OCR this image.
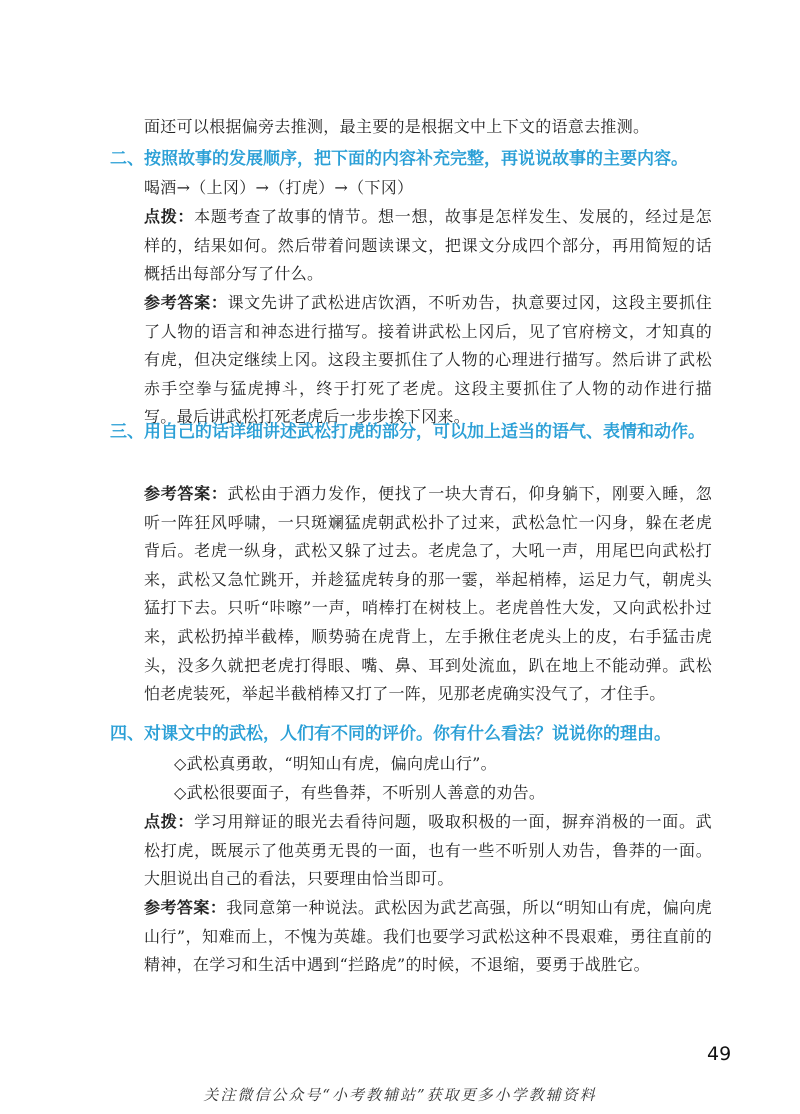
面还可以根据偏旁去推测，最主要的是根据文中上下文的语意去推测。

二、按照故事的发展顺序，把下面的内容补充完整，再说说故事的主要内容。

喝酒→（上冈）→（打虎）→（下冈）

点拨：本题考查了故事的情节。想一想，故事是怎样发生、发展的，经过是怎样的，结果如何。然后带着问题读课文，把课文分成四个部分，再用简短的话概括出每部分写了什么。

参考答案：课文先讲了武松进店饮酒，不听劝告，执意要过冈，这段主要抓住了人物的语言和神态进行描写。接着讲武松上冈后，见了官府榜文，才知真的有虎，但决定继续上冈。这段主要抓住了人物的心理进行描写。然后讲了武松赤手空拳与猛虎搏斗，终于打死了老虎。这段主要抓住了人物的动作进行描写。最后讲武松打死老虎后一步步挨下冈来。

三、用自己的话详细讲述武松打虎的部分，可以加上适当的语气、表情和动作。

参考答案：武松由于酒力发作，便找了一块大青石，仰身躺下，刚要入睡，忽听一阵狂风呼啸，一只斑斓猛虎朝武松扑了过来，武松急忙一闪身，躲在老虎背后。老虎一纵身，武松又躲了过去。老虎急了，大吼一声，用尾巴向武松打来，武松又急忙跳开，并趁猛虎转身的那一霎，举起梢棒，运足力气，朝虎头猛打下去。只听“咔嚓”一声，哨棒打在树枝上。老虎兽性大发，又向武松扑过来，武松扔掉半截棒，顺势骑在虎背上，左手揪住老虎头上的皮，右手猛击虎头，没多久就把老虎打得眼、嘴、鼻、耳到处流血，趴在地上不能动弹。武松怕老虎装死，举起半截梢棒又打了一阵，见那老虎确实没气了，才住手。

四、对课文中的武松，人们有不同的评价。你有什么看法？说说你的理由。

◇武松真勇敢，“明知山有虎，偏向虎山行”。

◇武松很要面子，有些鲁莽，不听别人善意的劝告。

点拨：学习用辩证的眼光去看待问题，吸取积极的一面，摒弃消极的一面。武松打虎，既展示了他英勇无畏的一面，也有一些不听别人劝告，鲁莽的一面。大胆说出自己的看法，只要理由恰当即可。

参考答案：我同意第一种说法。武松因为武艺高强，所以“明知山有虎，偏向虎山行”，知难而上，不愧为英雄。我们也要学习武松这种不畏艰难，勇往直前的精神，在学习和生活中遇到“拦路虎”的时候，不退缩，要勇于战胜它。

49
关注微信公众号“小考教辅站”获取更多小学教辅资料
